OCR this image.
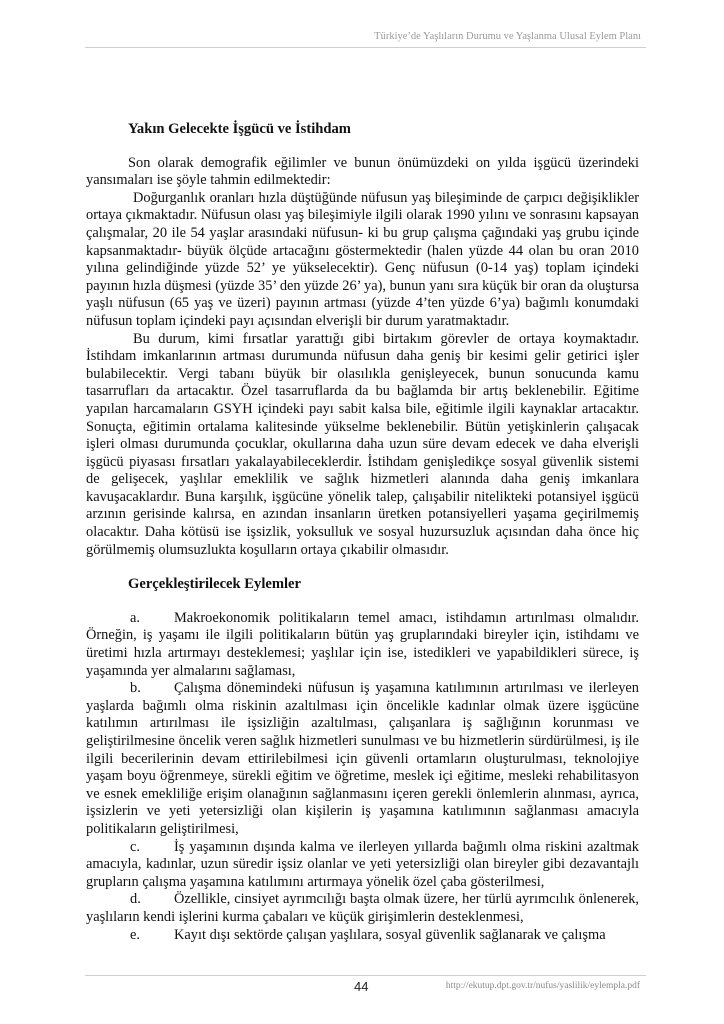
Türkiye’de Yaşlıların Durumu ve Yaşlanma Ulusal Eylem Planı
Yakın Gelecekte İşgücü ve İstihdam

Son olarak demografik eğilimler ve bunun önümüzdeki on yılda işgücü üzerindeki yansımaları ise şöyle tahmin edilmektedir:

Doğurganlık oranları hızla düştüğünde nüfusun yaş bileşiminde de çarpıcı değişiklikler ortaya çıkmaktadır. Nüfusun olası yaş bileşimiyle ilgili olarak 1990 yılını ve sonrasını kapsayan çalışmalar, 20 ile 54 yaşlar arasındaki nüfusun- ki bu grup çalışma çağındaki yaş grubu içinde kapsanmaktadır- büyük ölçüde artacağını göstermektedir (halen yüzde 44 olan bu oran 2010 yılına gelindiğinde yüzde 52’ ye yükselecektir). Genç nüfusun (0-14 yaş) toplam içindeki payının hızla düşmesi (yüzde 35’ den yüzde 26’ ya), bunun yanı sıra küçük bir oran da oluştursa yaşlı nüfusun (65 yaş ve üzeri) payının artması (yüzde 4’ten yüzde 6’ya) bağımlı konumdaki nüfusun toplam içindeki payı açısından elverişli bir durum yaratmaktadır.

Bu durum, kimi fırsatlar yarattığı gibi birtakım görevler de ortaya koymaktadır. İstihdam imkanlarının artması durumunda nüfusun daha geniş bir kesimi gelir getirici işler bulabilecektir. Vergi tabanı büyük bir olasılıkla genişleyecek, bunun sonucunda kamu tasarrufları da artacaktır. Özel tasarruflarda da bu bağlamda bir artış beklenebilir. Eğitime yapılan harcamaların GSYH içindeki payı sabit kalsa bile, eğitimle ilgili kaynaklar artacaktır. Sonuçta, eğitimin ortalama kalitesinde yükselme beklenebilir. Bütün yetişkinlerin çalışacak işleri olması durumunda çocuklar, okullarına daha uzun süre devam edecek ve daha elverişli işgücü piyasası fırsatları yakalayabileceklerdir. İstihdam genişledikçe sosyal güvenlik sistemi de gelişecek, yaşlılar emeklilik ve sağlık hizmetleri alanında daha geniş imkanlara kavuşacaklardır. Buna karşılık, işgücüne yönelik talep, çalışabilir nitelikteki potansiyel işgücü arzının gerisinde kalırsa, en azından insanların üretken potansiyelleri yaşama geçirilmemiş olacaktır. Daha kötüsü ise işsizlik, yoksulluk ve sosyal huzursuzluk açısından daha önce hiç görülmemiş olumsuzlukta koşulların ortaya çıkabilir olmasıdır.

Gerçekleştirilecek Eylemler

a. Makroekonomik politikaların temel amacı, istihdamın artırılması olmalıdır. Örneğin, iş yaşamı ile ilgili politikaların bütün yaş gruplarındaki bireyler için, istihdamı ve üretimi hızla artırmayı desteklemesi; yaşlılar için ise, istedikleri ve yapabildikleri sürece, iş yaşamında yer almalarını sağlaması,

b. Çalışma dönemindeki nüfusun iş yaşamına katılımının artırılması ve ilerleyen yaşlarda bağımlı olma riskinin azaltılması için öncelikle kadınlar olmak üzere işgücüne katılımın artırılması ile işsizliğin azaltılması, çalışanlara iş sağlığının korunması ve geliştirilmesine öncelik veren sağlık hizmetleri sunulması ve bu hizmetlerin sürdürülmesi, iş ile ilgili becerilerinin devam ettirilebilmesi için güvenli ortamların oluşturulması, teknolojiye yaşam boyu öğrenmeye, sürekli eğitim ve öğretime, meslek içi eğitime, mesleki rehabilitasyon ve esnek emekliliğe erişim olanağının sağlanmasını içeren gerekli önlemlerin alınması, ayrıca, işsizlerin ve yeti yetersizliği olan kişilerin iş yaşamına katılımının sağlanması amacıyla politikaların geliştirilmesi,

c. İş yaşamının dışında kalma ve ilerleyen yıllarda bağımlı olma riskini azaltmak amacıyla, kadınlar, uzun süredir işsiz olanlar ve yeti yetersizliği olan bireyler gibi dezavantajlı grupların çalışma yaşamına katılımını artırmaya yönelik özel çaba gösterilmesi,

d. Özellikle, cinsiyet ayrımcılığı başta olmak üzere, her türlü ayrımcılık önlenerek, yaşlıların kendi işlerini kurma çabaları ve küçük girişimlerin desteklenmesi,

e. Kayıt dışı sektörde çalışan yaşlılara, sosyal güvenlik sağlanarak ve çalışma

44	http://ekutup.dpt.gov.tr/nufus/yaslilik/eylempla.pdf
